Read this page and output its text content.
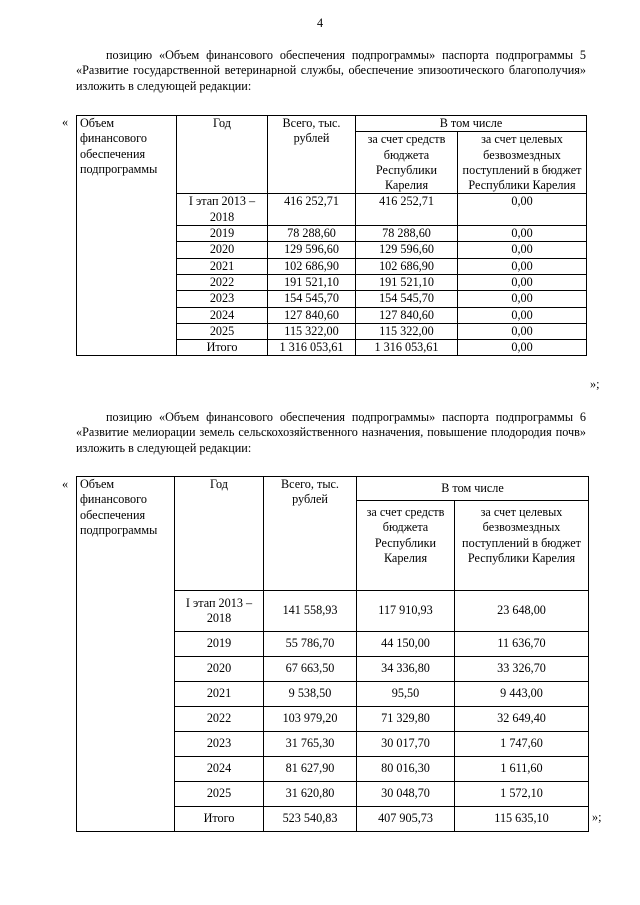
4
позицию «Объем финансового обеспечения подпрограммы» паспорта подпрограммы 5 «Развитие государственной ветеринарной службы, обеспечение эпизоотического благополучия» изложить в следующей редакции:
« Объем финансового обеспечения подпрограммы	Год	Всего, тыс. рублей	В том числе	
			за счет средств бюджета Республики Карелия	за счет целевых безвозмездных поступлений в бюджет Республики Карелия
	I этап 2013 – 2018	416 252,71	416 252,71	0,00
	2019	78 288,60	78 288,60	0,00
	2020	129 596,60	129 596,60	0,00
	2021	102 686,90	102 686,90	0,00
	2022	191 521,10	191 521,10	0,00
	2023	154 545,70	154 545,70	0,00
	2024	127 840,60	127 840,60	0,00
	2025	115 322,00	115 322,00	0,00
	Итого	1 316 053,61	1 316 053,61	0,00
»;
позицию «Объем финансового обеспечения подпрограммы» паспорта подпрограммы 6 «Развитие мелиорации земель сельскохозяйственного назначения, повышение плодородия почв» изложить в следующей редакции:
« Объем финансового обеспечения подпрограммы	Год	Всего, тыс. рублей	В том числе	
			за счет средств бюджета Республики Карелия	за счет целевых безвозмездных поступлений в бюджет Республики Карелия
	I этап 2013 – 2018	141 558,93	117 910,93	23 648,00
	2019	55 786,70	44 150,00	11 636,70
	2020	67 663,50	34 336,80	33 326,70
	2021	9 538,50	95,50	9 443,00
	2022	103 979,20	71 329,80	32 649,40
	2023	31 765,30	30 017,70	1 747,60
	2024	81 627,90	80 016,30	1 611,60
	2025	31 620,80	30 048,70	1 572,10
	Итого	523 540,83	407 905,73	115 635,10	»;
